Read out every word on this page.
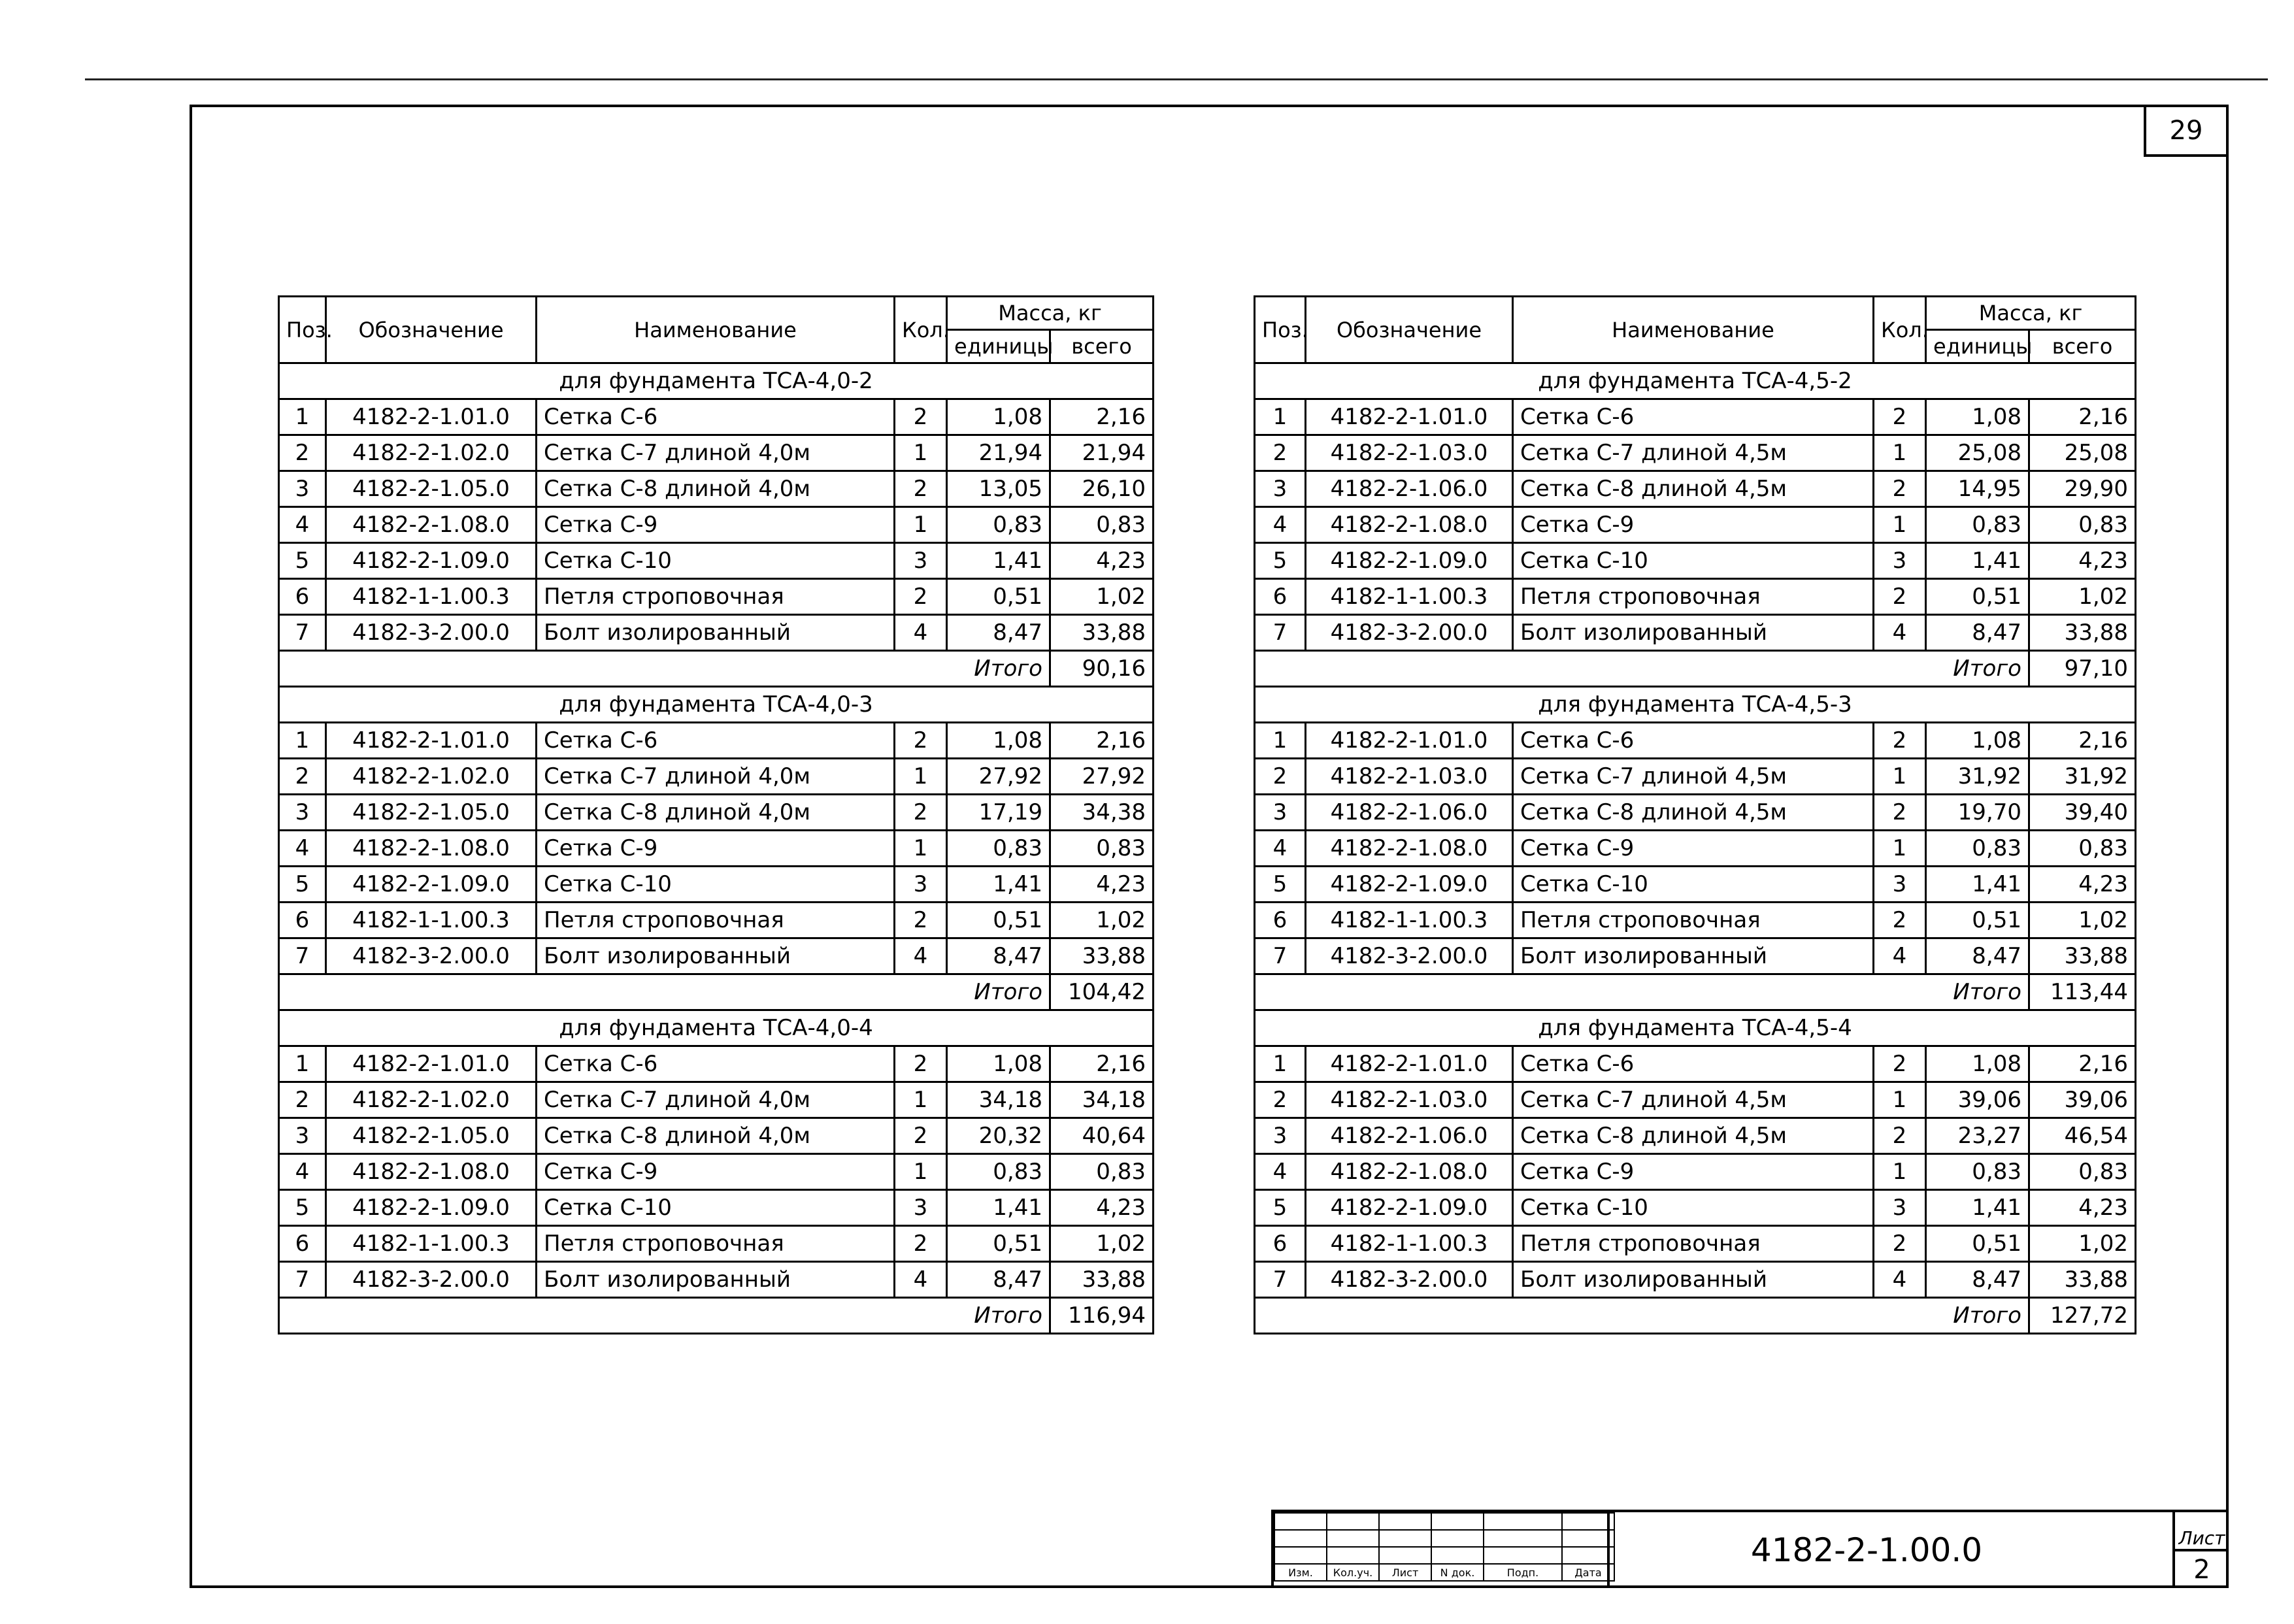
29
Поз.	Обозначение	Наименование	Кол.	Масса, кг	
				единицы	всего
для фундамента ТСА-4,0-2					
1	4182-2-1.01.0	Сетка С-6	2	1,08	2,16
2	4182-2-1.02.0	Сетка С-7 длиной 4,0м	1	21,94	21,94
3	4182-2-1.05.0	Сетка С-8 длиной 4,0м	2	13,05	26,10
4	4182-2-1.08.0	Сетка С-9	1	0,83	0,83
5	4182-2-1.09.0	Сетка С-10	3	1,41	4,23
6	4182-1-1.00.3	Петля строповочная	2	0,51	1,02
7	4182-3-2.00.0	Болт изолированный	4	8,47	33,88
Итого					90,16
для фундамента ТСА-4,0-3					
1	4182-2-1.01.0	Сетка С-6	2	1,08	2,16
2	4182-2-1.02.0	Сетка С-7 длиной 4,0м	1	27,92	27,92
3	4182-2-1.05.0	Сетка С-8 длиной 4,0м	2	17,19	34,38
4	4182-2-1.08.0	Сетка С-9	1	0,83	0,83
5	4182-2-1.09.0	Сетка С-10	3	1,41	4,23
6	4182-1-1.00.3	Петля строповочная	2	0,51	1,02
7	4182-3-2.00.0	Болт изолированный	4	8,47	33,88
Итого					104,42
для фундамента ТСА-4,0-4					
1	4182-2-1.01.0	Сетка С-6	2	1,08	2,16
2	4182-2-1.02.0	Сетка С-7 длиной 4,0м	1	34,18	34,18
3	4182-2-1.05.0	Сетка С-8 длиной 4,0м	2	20,32	40,64
4	4182-2-1.08.0	Сетка С-9	1	0,83	0,83
5	4182-2-1.09.0	Сетка С-10	3	1,41	4,23
6	4182-1-1.00.3	Петля строповочная	2	0,51	1,02
7	4182-3-2.00.0	Болт изолированный	4	8,47	33,88
Итого					116,94
Поз.	Обозначение	Наименование	Кол.	Масса, кг	
				единицы	всего
для фундамента ТСА-4,5-2					
1	4182-2-1.01.0	Сетка С-6	2	1,08	2,16
2	4182-2-1.03.0	Сетка С-7 длиной 4,5м	1	25,08	25,08
3	4182-2-1.06.0	Сетка С-8 длиной 4,5м	2	14,95	29,90
4	4182-2-1.08.0	Сетка С-9	1	0,83	0,83
5	4182-2-1.09.0	Сетка С-10	3	1,41	4,23
6	4182-1-1.00.3	Петля строповочная	2	0,51	1,02
7	4182-3-2.00.0	Болт изолированный	4	8,47	33,88
Итого					97,10
для фундамента ТСА-4,5-3					
1	4182-2-1.01.0	Сетка С-6	2	1,08	2,16
2	4182-2-1.03.0	Сетка С-7 длиной 4,5м	1	31,92	31,92
3	4182-2-1.06.0	Сетка С-8 длиной 4,5м	2	19,70	39,40
4	4182-2-1.08.0	Сетка С-9	1	0,83	0,83
5	4182-2-1.09.0	Сетка С-10	3	1,41	4,23
6	4182-1-1.00.3	Петля строповочная	2	0,51	1,02
7	4182-3-2.00.0	Болт изолированный	4	8,47	33,88
Итого					113,44
для фундамента ТСА-4,5-4					
1	4182-2-1.01.0	Сетка С-6	2	1,08	2,16
2	4182-2-1.03.0	Сетка С-7 длиной 4,5м	1	39,06	39,06
3	4182-2-1.06.0	Сетка С-8 длиной 4,5м	2	23,27	46,54
4	4182-2-1.08.0	Сетка С-9	1	0,83	0,83
5	4182-2-1.09.0	Сетка С-10	3	1,41	4,23
6	4182-1-1.00.3	Петля строповочная	2	0,51	1,02
7	4182-3-2.00.0	Болт изолированный	4	8,47	33,88
Итого					127,72

Изм.	Кол.уч.	Лист	N док.	Подп.	Дата
4182-2-1.00.0	Лист
2
